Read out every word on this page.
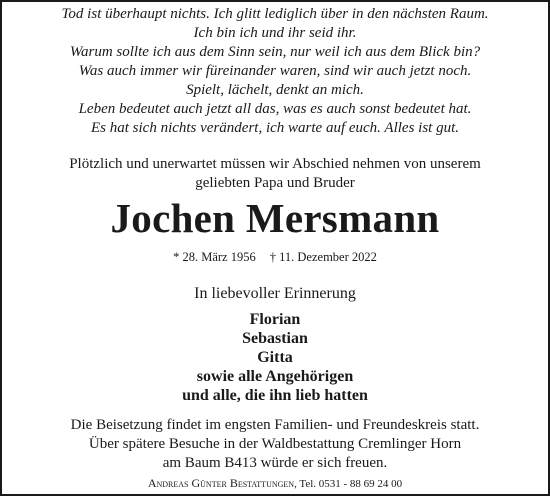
Tod ist überhaupt nichts. Ich glitt lediglich über in den nächsten Raum.
Ich bin ich und ihr seid ihr.
Warum sollte ich aus dem Sinn sein, nur weil ich aus dem Blick bin?
Was auch immer wir füreinander waren, sind wir auch jetzt noch.
Spielt, lächelt, denkt an mich.
Leben bedeutet auch jetzt all das, was es auch sonst bedeutet hat.
Es hat sich nichts verändert, ich warte auf euch. Alles ist gut.
Plötzlich und unerwartet müssen wir Abschied nehmen von unserem
geliebten Papa und Bruder
Jochen Mersmann
* 28. März 1956 † 11. Dezember 2022
In liebevoller Erinnerung
Florian
Sebastian
Gitta
sowie alle Angehörigen
und alle, die ihn lieb hatten
Die Beisetzung findet im engsten Familien- und Freundeskreis statt.
Über spätere Besuche in der Waldbestattung Cremlinger Horn
am Baum B413 würde er sich freuen.
Andreas Günter Bestattungen, Tel. 0531 - 88 69 24 00
